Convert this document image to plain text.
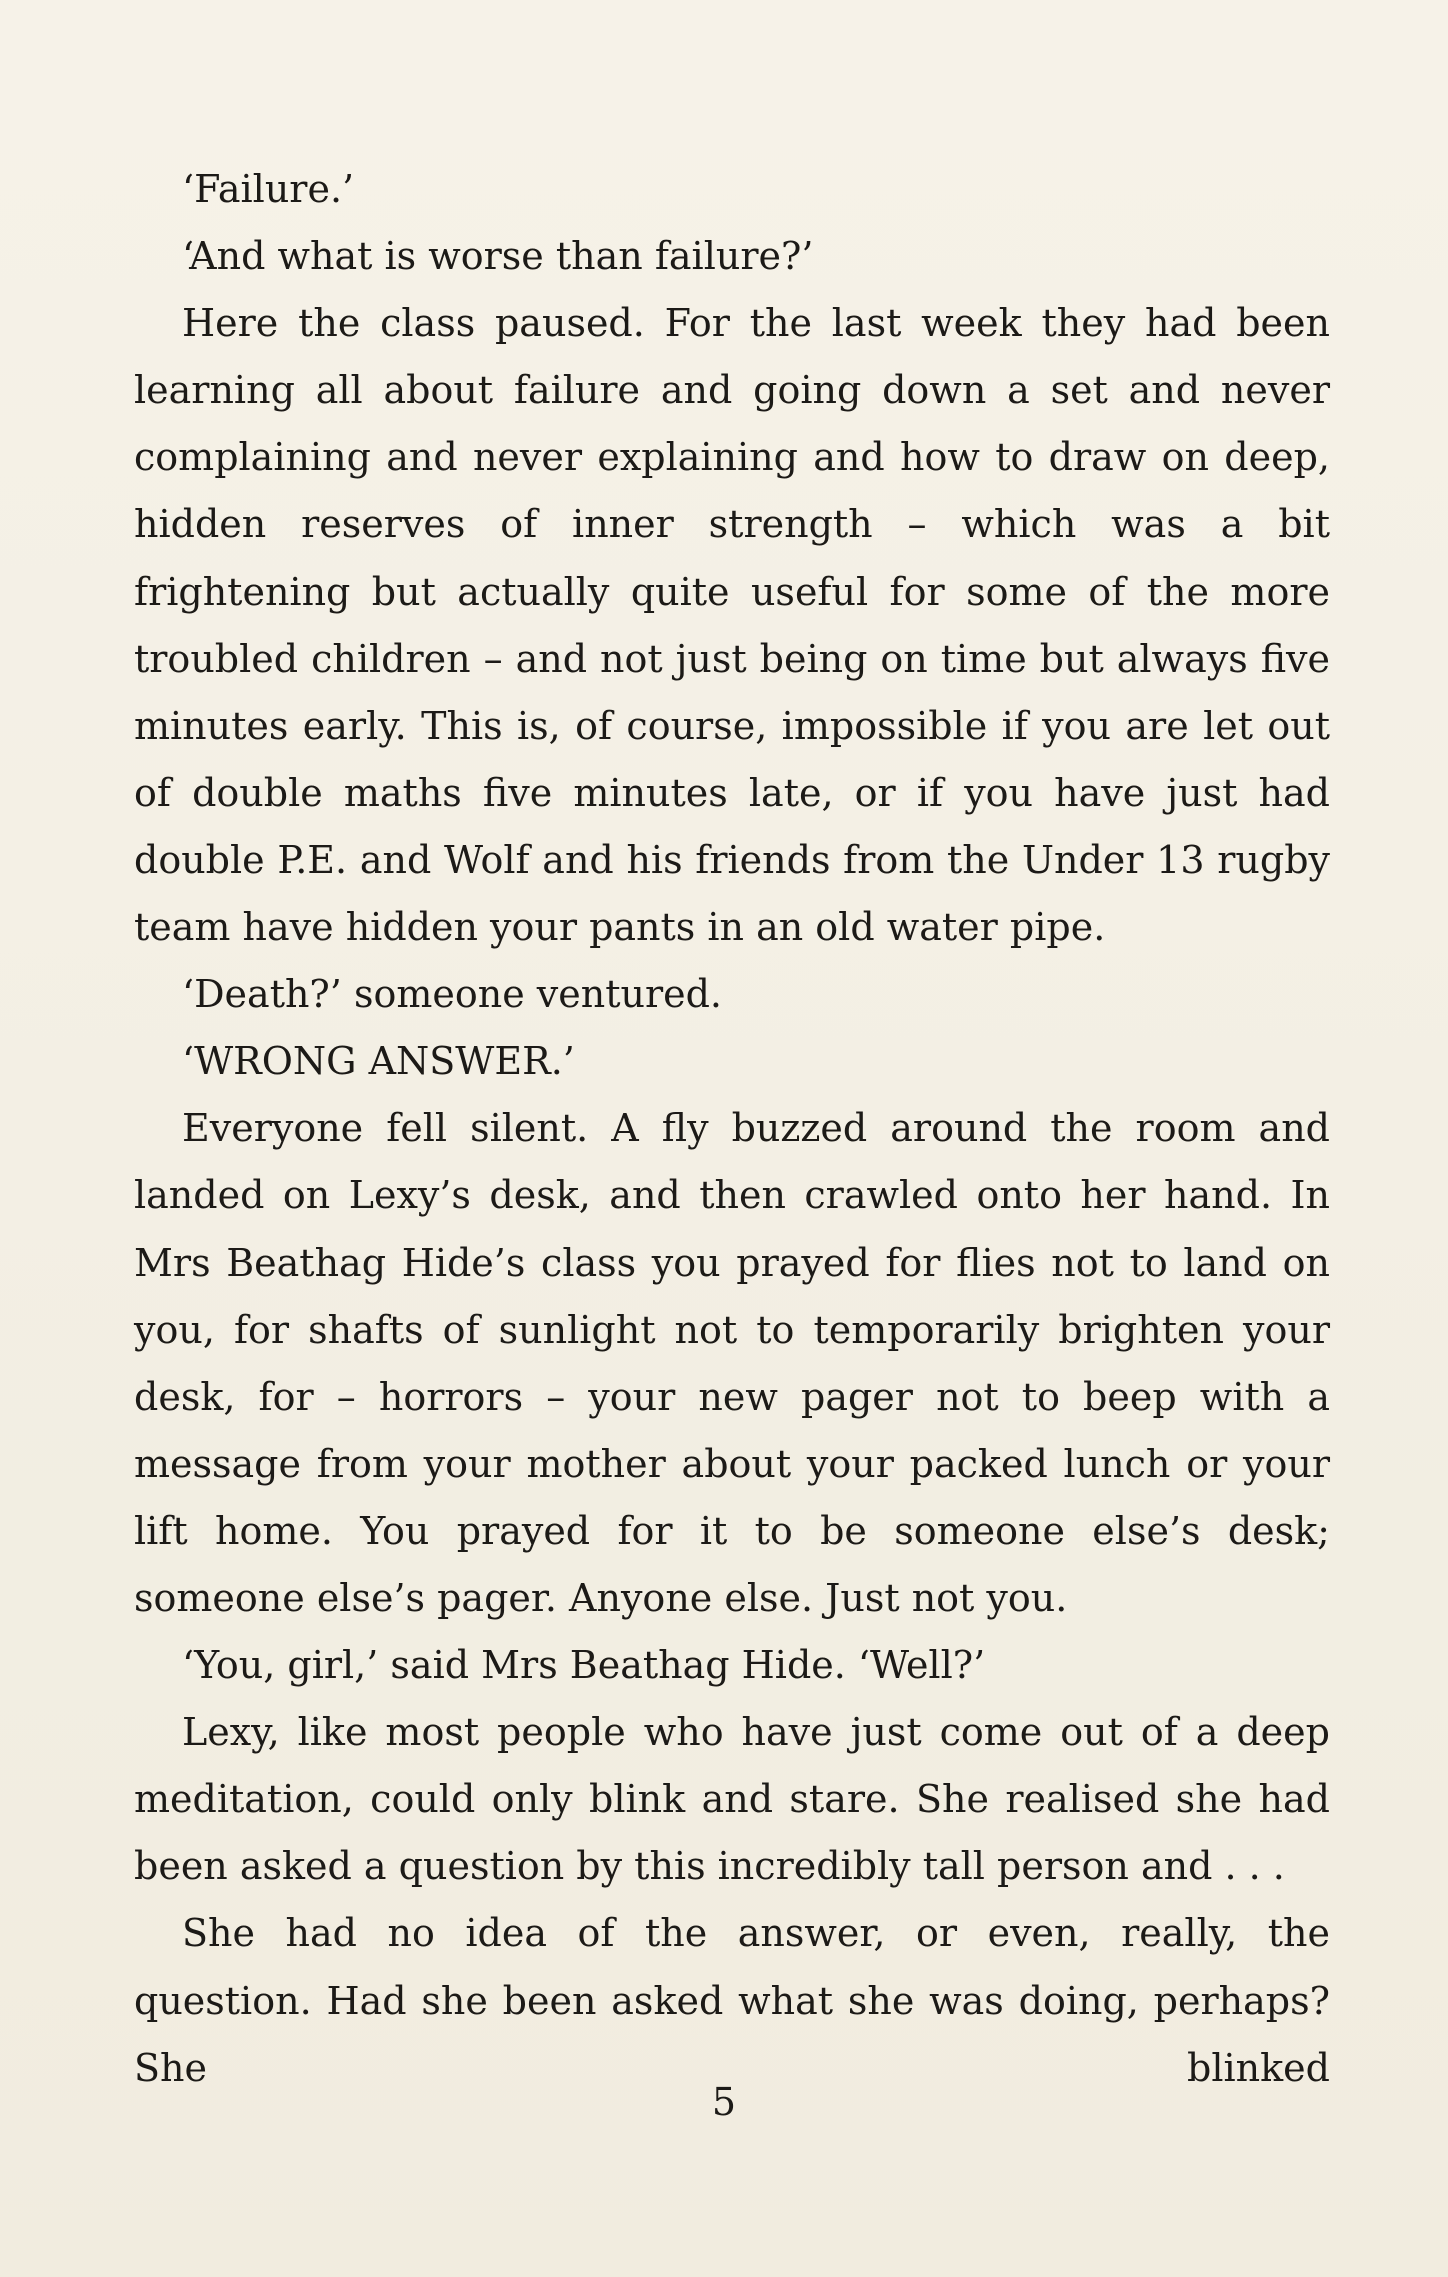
‘Failure.’

‘And what is worse than failure?’

Here the class paused. For the last week they had been learning all about failure and going down a set and never complaining and never explaining and how to draw on deep, hidden reserves of inner strength – which was a bit frightening but actually quite useful for some of the more troubled children – and not just being on time but always five minutes early. This is, of course, impossible if you are let out of double maths five minutes late, or if you have just had double P.E. and Wolf and his friends from the Under 13 rugby team have hidden your pants in an old water pipe.

‘Death?’ someone ventured.

‘WRONG ANSWER.’

Everyone fell silent. A fly buzzed around the room and landed on Lexy’s desk, and then crawled onto her hand. In Mrs Beathag Hide’s class you prayed for flies not to land on you, for shafts of sunlight not to temporarily brighten your desk, for – horrors – your new pager not to beep with a message from your mother about your packed lunch or your lift home. You prayed for it to be someone else’s desk; someone else’s pager. Anyone else. Just not you.

‘You, girl,’ said Mrs Beathag Hide. ‘Well?’

Lexy, like most people who have just come out of a deep meditation, could only blink and stare. She realised she had been asked a question by this incredibly tall person and . . .

She had no idea of the answer, or even, really, the question. Had she been asked what she was doing, perhaps? She blinked

5
